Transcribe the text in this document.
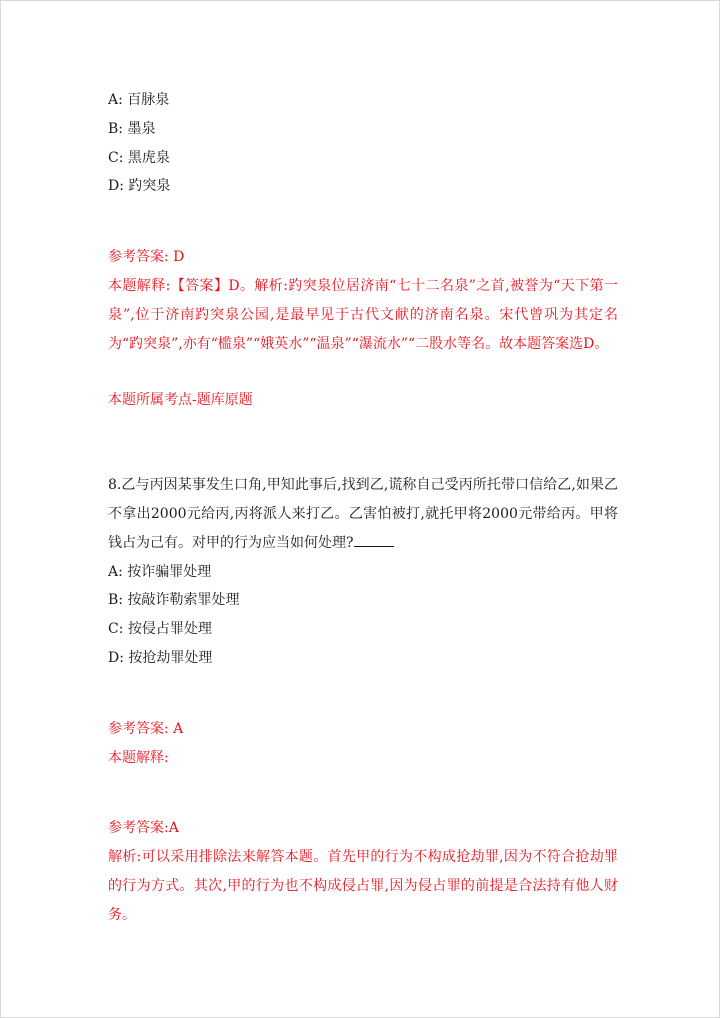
A: 百脉泉
B: 墨泉
C: 黑虎泉
D: 趵突泉
参考答案: D
本题解释:【答案】D。解析:趵突泉位居济南“七十二名泉”之首,被誉为“天下第一泉”,位于济南趵突泉公园,是最早见于古代文献的济南名泉。宋代曾巩为其定名为“趵突泉”,亦有“槛泉”“娥英水”“温泉”“瀑流水”“二股水等名。故本题答案选D。
本题所属考点-题库原题
8.乙与丙因某事发生口角,甲知此事后,找到乙,谎称自己受丙所托带口信给乙,如果乙不拿出2000元给丙,丙将派人来打乙。乙害怕被打,就托甲将2000元带给丙。甲将钱占为己有。对甲的行为应当如何处理?
A: 按诈骗罪处理
B: 按敲诈勒索罪处理
C: 按侵占罪处理
D: 按抢劫罪处理
参考答案: A
本题解释:
参考答案:A
解析:可以采用排除法来解答本题。首先甲的行为不构成抢劫罪,因为不符合抢劫罪的行为方式。其次,甲的行为也不构成侵占罪,因为侵占罪的前提是合法持有他人财务。
